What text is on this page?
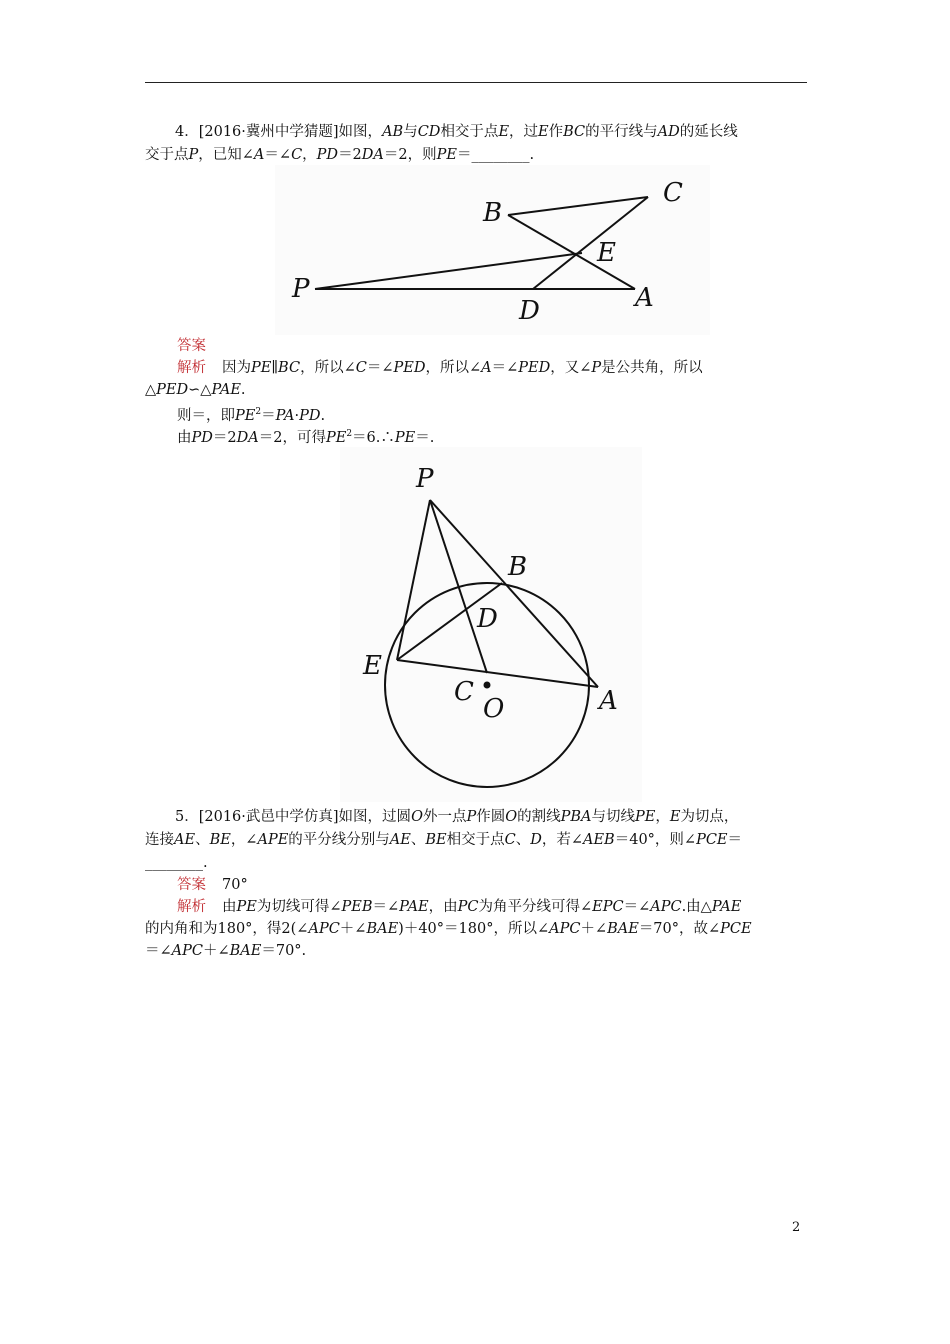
4．[2016·冀州中学猜题]如图，AB与CD相交于点E，过E作BC的平行线与AD的延长线
交于点P，已知∠A＝∠C，PD＝2DA＝2，则PE＝________.
B
C
E
P
D	A
答案
解析 因为PE∥BC，所以∠C＝∠PED，所以∠A＝∠PED，又∠P是公共角，所以
△PED∽△PAE.
则＝，即$PE^2=PA\cdot PD$.
由PD＝2DA＝2，可得$PE^2=6.\therefore PE=$.
P
B
D
E
C
O	A
5．[2016·武邑中学仿真]如图，过圆O外一点P作圆O的割线PBA与切线PE，E为切点，
连接AE、BE，∠APE的平分线分别与AE、BE相交于点C、D，若∠AEB＝40°，则∠PCE＝
________.
答案 70°
解析 由PE为切线可得∠PEB＝∠PAE，由PC为角平分线可得∠EPC＝∠APC.由△PAE
的内角和为180°，得2(∠APC＋∠BAE)＋40°＝180°，所以∠APC＋∠BAE＝70°，故∠PCE
＝∠APC＋∠BAE＝70°.
2
